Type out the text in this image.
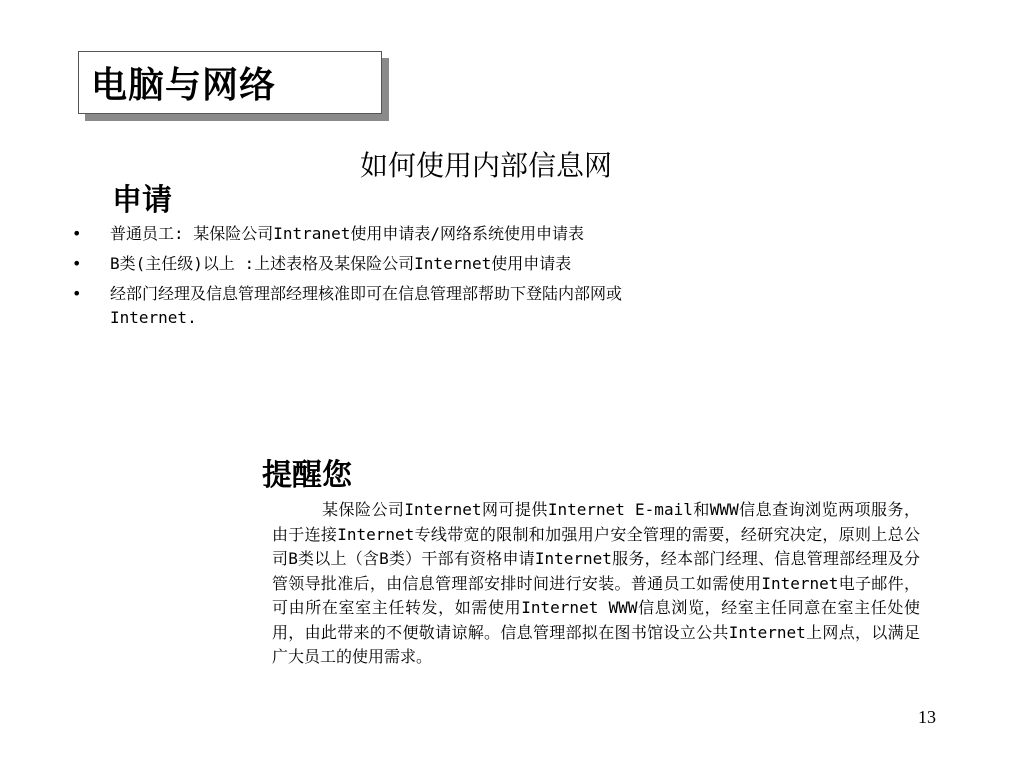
电脑与网络
如何使用内部信息网
申请
• 普通员工: 某保险公司Intranet使用申请表/网络系统使用申请表
• B类(主任级)以上 :上述表格及某保险公司Internet使用申请表
• 经部门经理及信息管理部经理核准即可在信息管理部帮助下登陆内部网或Internet.
提醒您

某保险公司Internet网可提供Internet E-mail和WWW信息查询浏览两项服务，由于连接Internet专线带宽的限制和加强用户安全管理的需要，经研究决定，原则上总公司B类以上（含B类）干部有资格申请Internet服务，经本部门经理、信息管理部经理及分管领导批准后，由信息管理部安排时间进行安装。普通员工如需使用Internet电子邮件，可由所在室室主任转发，如需使用Internet WWW信息浏览，经室主任同意在室主任处使用，由此带来的不便敬请谅解。信息管理部拟在图书馆设立公共Internet上网点，以满足广大员工的使用需求。

13
